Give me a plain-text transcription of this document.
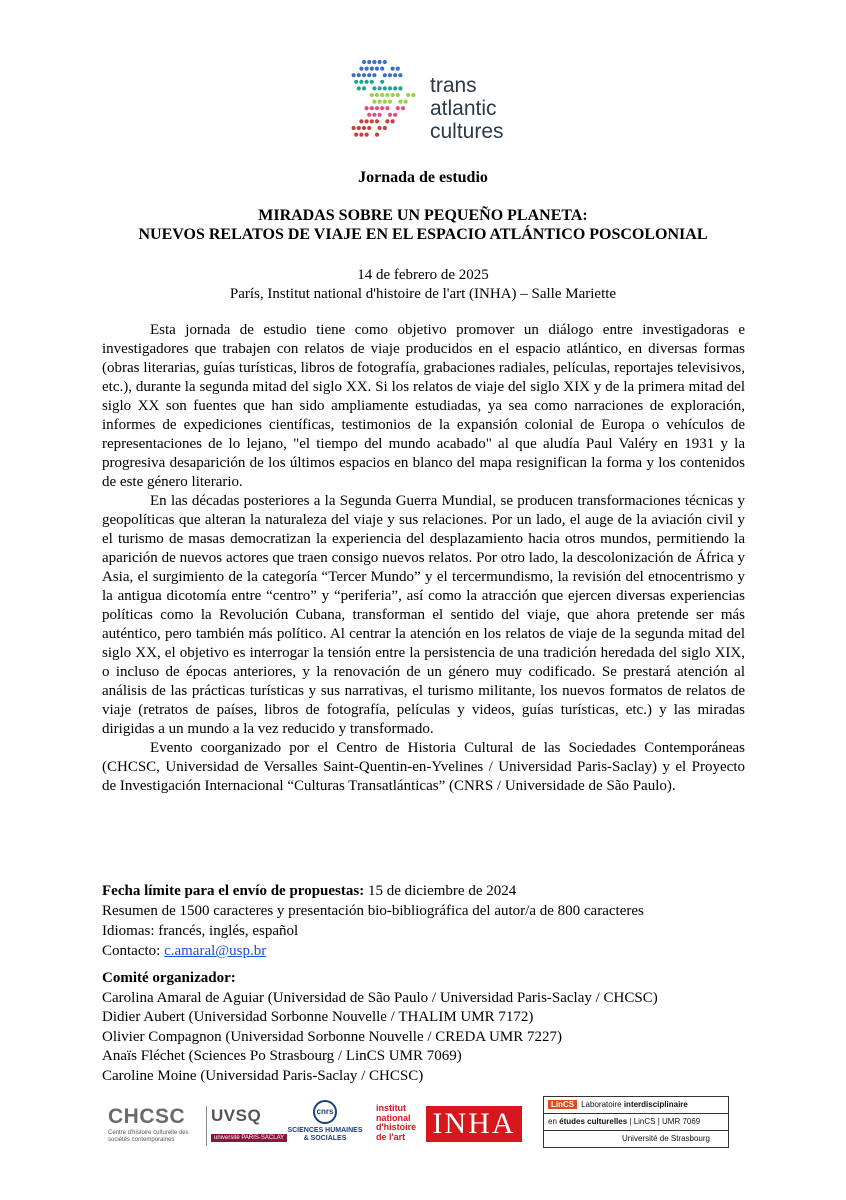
trans
atlantic
cultures
Jornada de estudio
MIRADAS SOBRE UN PEQUEÑO PLANETA:
NUEVOS RELATOS DE VIAJE EN EL ESPACIO ATLÁNTICO POSCOLONIAL
14 de febrero de 2025
París, Institut national d'histoire de l'art (INHA) – Salle Mariette

Esta jornada de estudio tiene como objetivo promover un diálogo entre investigadoras e investigadores que trabajen con relatos de viaje producidos en el espacio atlántico, en diversas formas (obras literarias, guías turísticas, libros de fotografía, grabaciones radiales, películas, reportajes televisivos, etc.), durante la segunda mitad del siglo XX. Si los relatos de viaje del siglo XIX y de la primera mitad del siglo XX son fuentes que han sido ampliamente estudiadas, ya sea como narraciones de exploración, informes de expediciones científicas, testimonios de la expansión colonial de Europa o vehículos de representaciones de lo lejano, "el tiempo del mundo acabado" al que aludía Paul Valéry en 1931 y la progresiva desaparición de los últimos espacios en blanco del mapa resignifican la forma y los contenidos de este género literario.

En las décadas posteriores a la Segunda Guerra Mundial, se producen transformaciones técnicas y geopolíticas que alteran la naturaleza del viaje y sus relaciones. Por un lado, el auge de la aviación civil y el turismo de masas democratizan la experiencia del desplazamiento hacia otros mundos, permitiendo la aparición de nuevos actores que traen consigo nuevos relatos. Por otro lado, la descolonización de África y Asia, el surgimiento de la categoría “Tercer Mundo” y el tercermundismo, la revisión del etnocentrismo y la antigua dicotomía entre “centro” y “periferia”, así como la atracción que ejercen diversas experiencias políticas como la Revolución Cubana, transforman el sentido del viaje, que ahora pretende ser más auténtico, pero también más político. Al centrar la atención en los relatos de viaje de la segunda mitad del siglo XX, el objetivo es interrogar la tensión entre la persistencia de una tradición heredada del siglo XIX, o incluso de épocas anteriores, y la renovación de un género muy codificado. Se prestará atención al análisis de las prácticas turísticas y sus narrativas, el turismo militante, los nuevos formatos de relatos de viaje (retratos de países, libros de fotografía, películas y videos, guías turísticas, etc.) y las miradas dirigidas a un mundo a la vez reducido y transformado.

Evento coorganizado por el Centro de Historia Cultural de las Sociedades Contemporáneas (CHCSC, Universidad de Versalles Saint-Quentin-en-Yvelines / Universidad Paris-Saclay) y el Proyecto de Investigación Internacional “Culturas Transatlánticas” (CNRS / Universidade de São Paulo).

Fecha límite para el envío de propuestas: 15 de diciembre de 2024
Resumen de 1500 caracteres y presentación bio-bibliográfica del autor/a de 800 caracteres
Idiomas: francés, inglés, español
Contacto: c.amaral@usp.br
Comité organizador:
Carolina Amaral de Aguiar (Universidad de São Paulo / Universidad Paris-Saclay / CHCSC)
Didier Aubert (Universidad Sorbonne Nouvelle / THALIM UMR 7172)
Olivier Compagnon (Universidad Sorbonne Nouvelle / CREDA UMR 7227)
Anaïs Fléchet (Sciences Po Strasbourg / LinCS UMR 7069)
Caroline Moine (Universidad Paris-Saclay / CHCSC)
CHCSC
Centre d'histoire culturelle des sociétés contemporaines
UVSQ
université PARIS-SACLAY
cnrs
SCIENCES HUMAINES
& SOCIALES
institut
national
d'histoire
de l'art INHA
LinCS Laboratoire interdisciplinaire
en études culturelles | LinCS | UMR 7069
Université de Strasbourg
